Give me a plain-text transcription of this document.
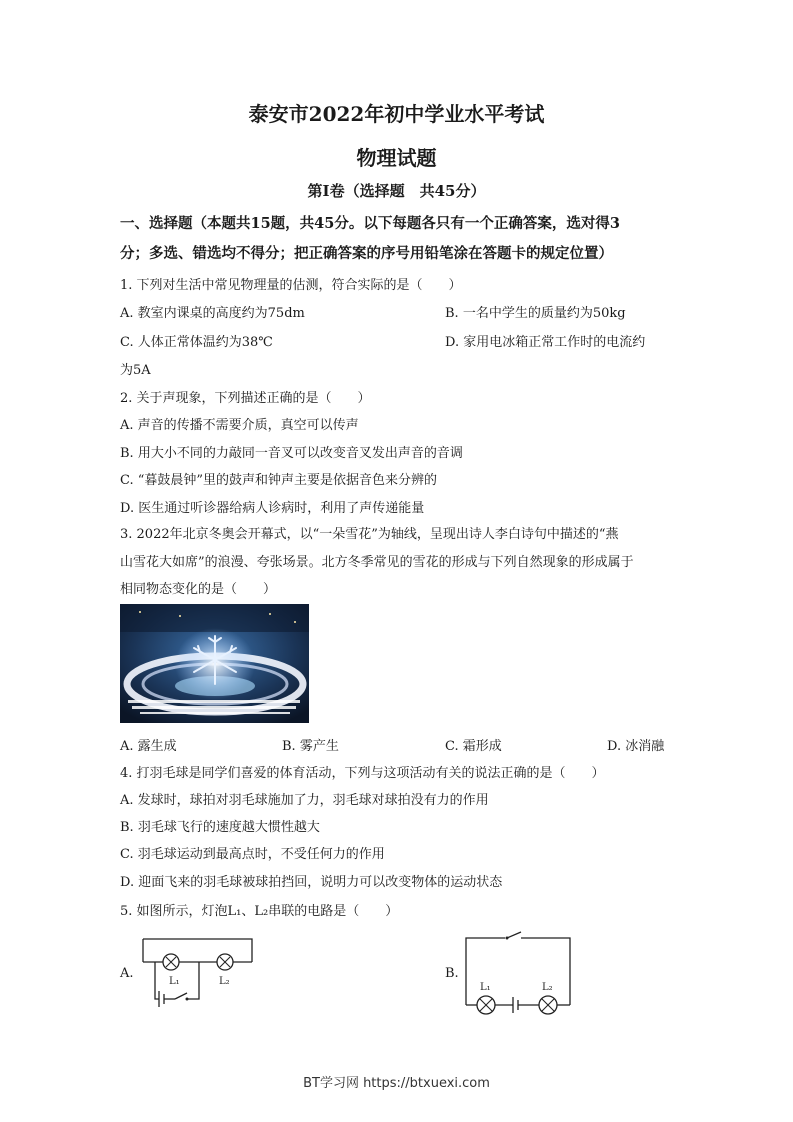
泰安市2022年初中学业水平考试
物理试题
第Ⅰ卷（选择题　共45分）
一、选择题（本题共15题，共45分。以下每题各只有一个正确答案，选对得3
分；多选、错选均不得分；把正确答案的序号用铅笔涂在答题卡的规定位置）
1. 下列对生活中常见物理量的估测，符合实际的是（　　）
A. 教室内课桌的高度约为75dm	B. 一名中学生的质量约为50kg
C. 人体正常体温约为38℃	D. 家用电冰箱正常工作时的电流约
为5A
2. 关于声现象，下列描述正确的是（　　）
A. 声音的传播不需要介质，真空可以传声
B. 用大小不同的力敲同一音叉可以改变音叉发出声音的音调
C. “暮鼓晨钟”里的鼓声和钟声主要是依据音色来分辨的
D. 医生通过听诊器给病人诊病时，利用了声传递能量
3. 2022年北京冬奥会开幕式，以“一朵雪花”为轴线，呈现出诗人李白诗句中描述的“燕
山雪花大如席”的浪漫、夸张场景。北方冬季常见的雪花的形成与下列自然现象的形成属于
相同物态变化的是（　　）
A. 露生成	B. 雾产生	C. 霜形成	D. 冰消融
4. 打羽毛球是同学们喜爱的体育活动，下列与这项活动有关的说法正确的是（　　）
A. 发球时，球拍对羽毛球施加了力，羽毛球对球拍没有力的作用
B. 羽毛球飞行的速度越大惯性越大
C. 羽毛球运动到最高点时，不受任何力的作用
D. 迎面飞来的羽毛球被球拍挡回，说明力可以改变物体的运动状态
5. 如图所示，灯泡L₁、L₂串联的电路是（　　）
A.
L₁	L₂
B.
L₁	L₂
BT学习网 https://btxuexi.com
